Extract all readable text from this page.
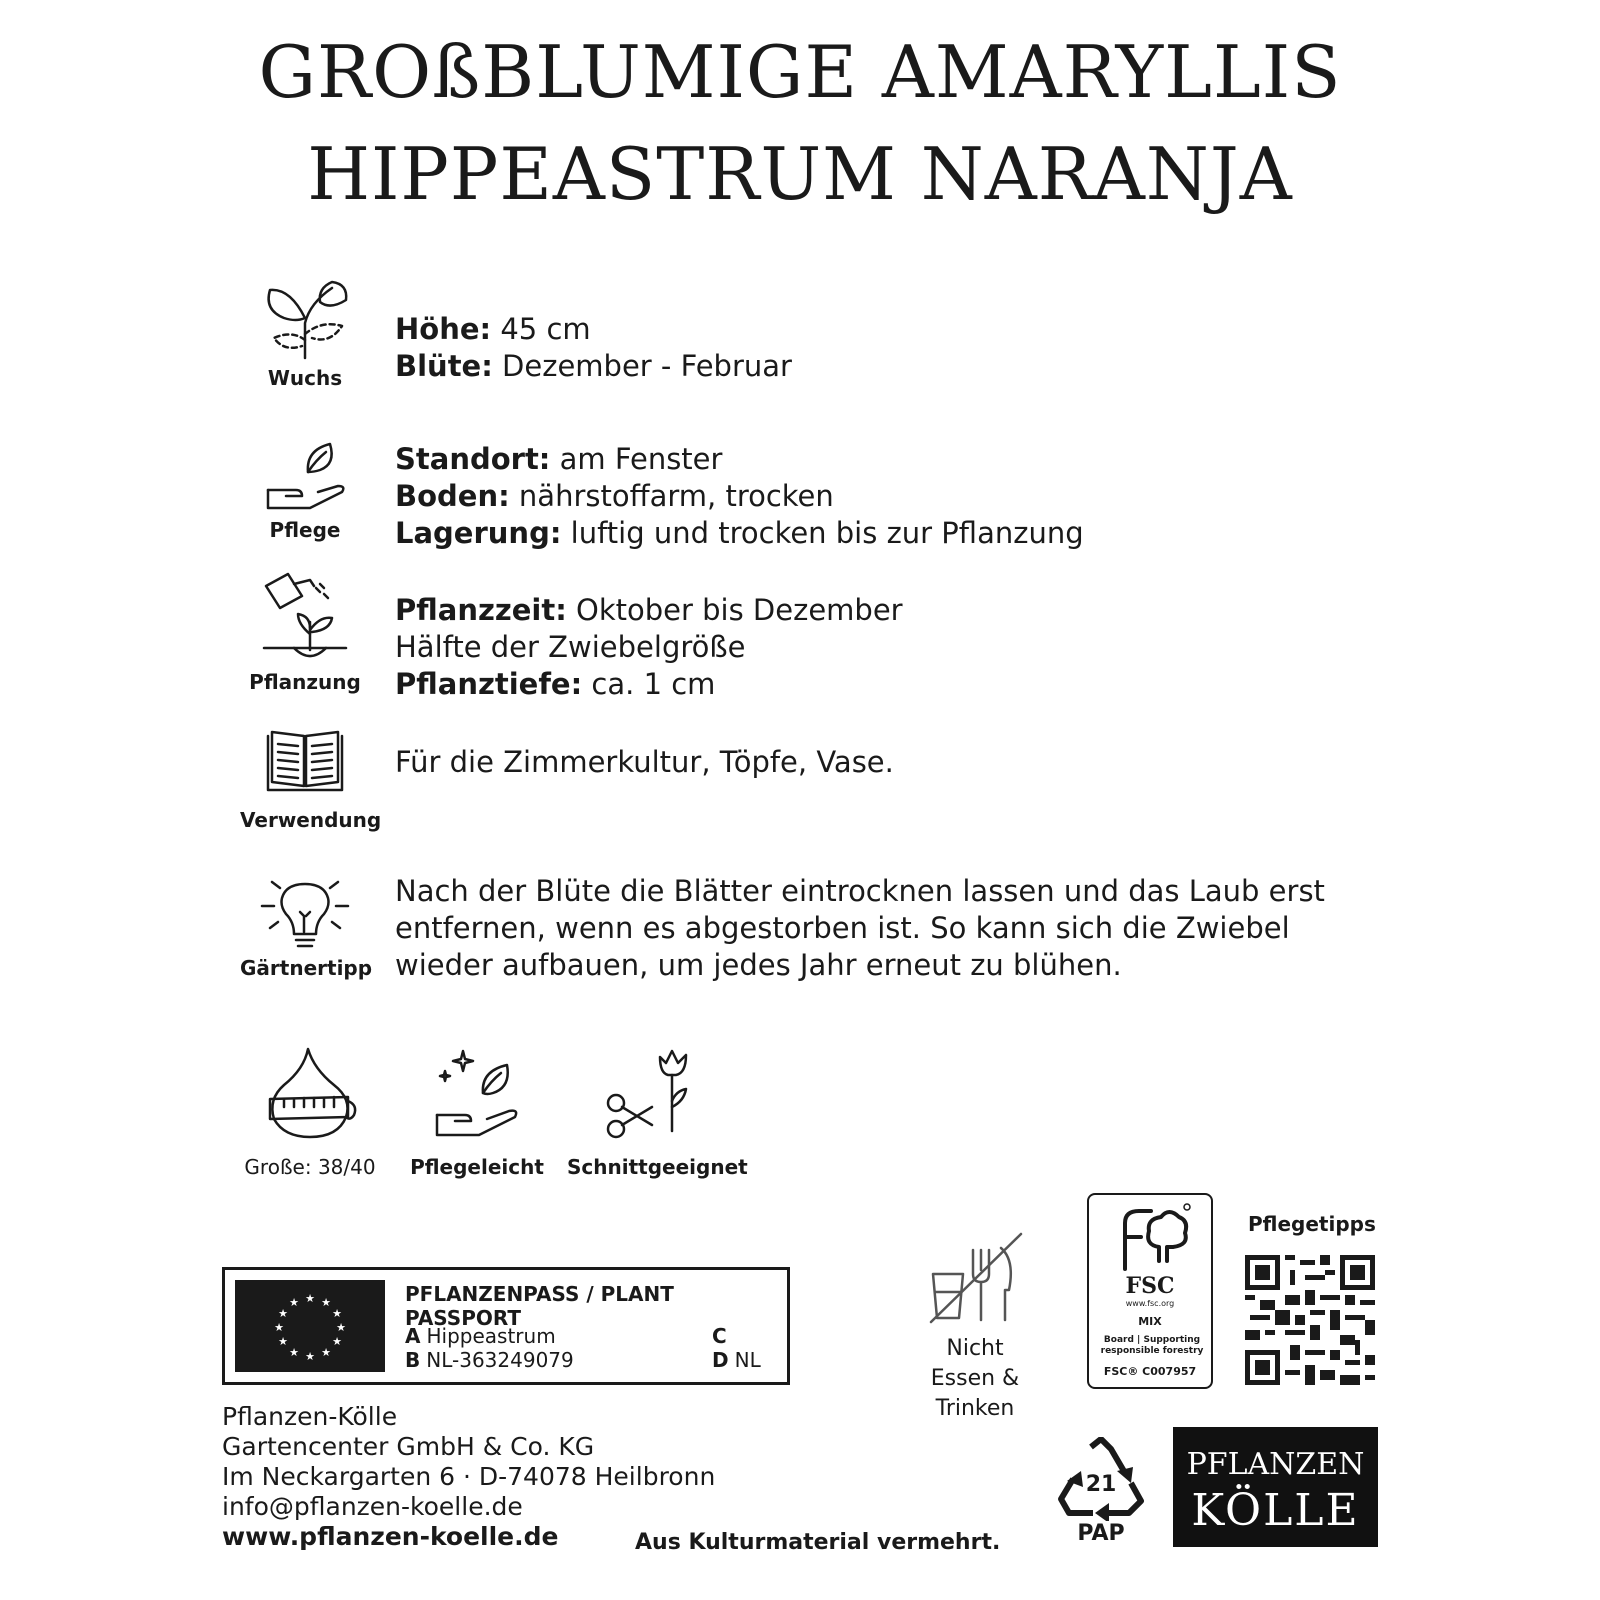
GROßBLUMIGE AMARYLLIS
HIPPEASTRUM NARANJA
Wuchs
Höhe: 45 cm
Blüte: Dezember - Februar
Pflege
Standort: am Fenster
Boden: nährstoffarm, trocken
Lagerung: luftig und trocken bis zur Pflanzung
Pflanzung
Pflanzzeit: Oktober bis Dezember
Hälfte der Zwiebelgröße
Pflanztiefe: ca. 1 cm
Verwendung
Für die Zimmerkultur, Töpfe, Vase.
Gärtnertipp
Nach der Blüte die Blätter eintrocknen lassen und das Laub erst
entfernen, wenn es abgestorben ist. So kann sich die Zwiebel
wieder aufbauen, um jedes Jahr erneut zu blühen.
Große: 38/40	Pflegeleicht	Schnittgeeignet
★ ★
★
★
★
★
★
★
★
★
★
★	PFLANZENPASS / PLANT PASSPORT
A Hippeastrum
B NL-363249079
C
D NL
Pflanzen-Kölle
Gartencenter GmbH & Co. KG
Im Neckargarten 6 · D-74078 Heilbronn
info@pflanzen-koelle.de
www.pflanzen-koelle.de	Aus Kulturmaterial vermehrt.
Nicht
Essen & Trinken
FSC
www.fsc.org
MIX
Board | Supporting responsible forestry
FSC® C007957
Pflegetipps
21
PAP
PFLANZEN
KÖLLE
